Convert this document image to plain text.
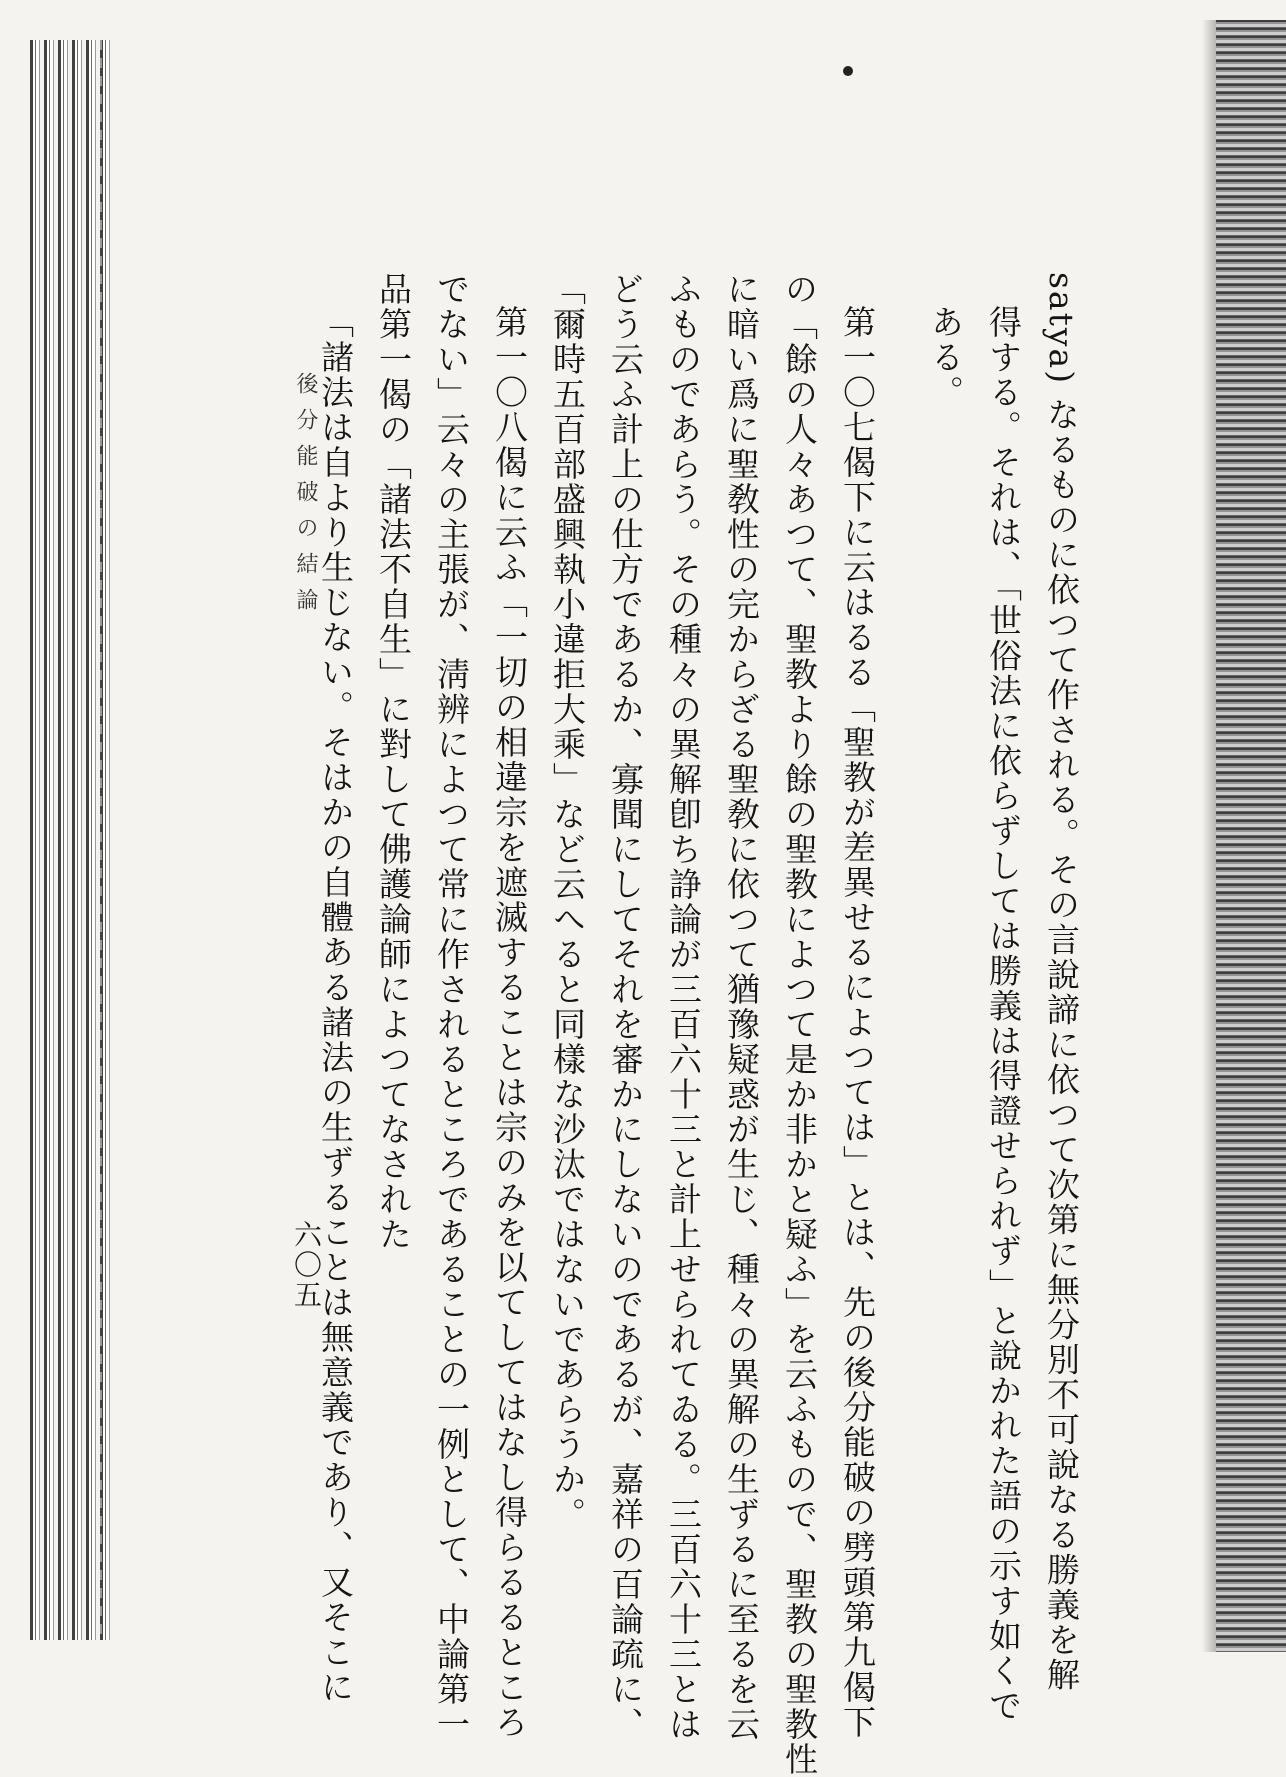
satya) なるものに依つて作される。その言說諦に依つて次第に無分別不可說なる勝義を解
得する。それは、「世俗法に依らずしては勝義は得證せられず」と說かれた語の示す如くで
ある。
第一〇七偈下に云はるる「聖教が差異せるによつては」とは、先の後分能破の劈頭第九偈下
の「餘の人々あつて、聖教より餘の聖教によつて是か非かと疑ふ」を云ふもので、聖教の聖教性
に暗い爲に聖敎性の完からざる聖敎に依つて猶豫疑惑が生じ、種々の異解の生ずるに至るを云
ふものであらう。その種々の異解卽ち諍論が三百六十三と計上せられてゐる。三百六十三とは
どう云ふ計上の仕方であるか、寡聞にしてそれを審かにしないのであるが、嘉祥の百論疏に、
「爾時五百部盛興執小違拒大乘」など云へると同樣な沙汰ではないであらうか。
第一〇八偈に云ふ「一切の相違宗を遮滅することは宗のみを以てしてはなし得らるるところ
でない」云々の主張が、淸辨によつて常に作されるところであることの一例として、中論第一
品第一偈の「諸法不自生」に對して佛護論師によつてなされた
「諸法は自より生じない。そはかの自體ある諸法の生ずることは無意義であり、又そこに
後分能破の結論
六〇五
